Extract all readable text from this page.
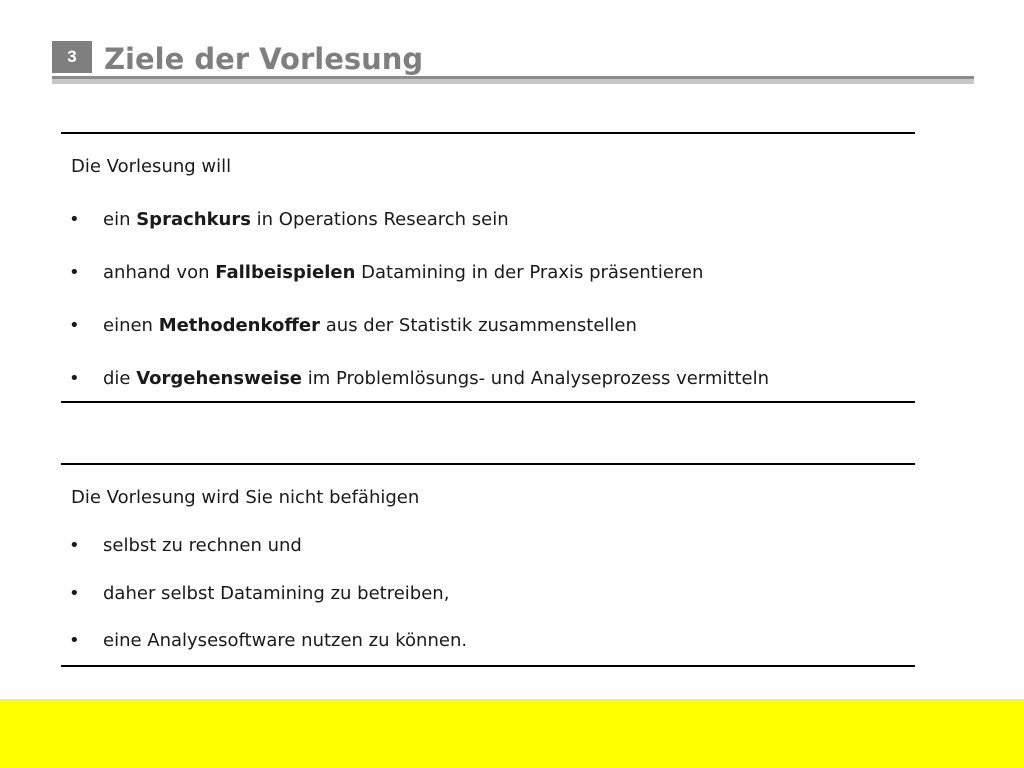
3 Ziele der Vorlesung

Die Vorlesung will

•	ein Sprachkurs in Operations Research sein
•	anhand von Fallbeispielen Datamining in der Praxis präsentieren
•	einen Methodenkoffer aus der Statistik zusammenstellen
•	die Vorgehensweise im Problemlösungs- und Analyseprozess vermitteln

Die Vorlesung wird Sie nicht befähigen

•	selbst zu rechnen und
•	daher selbst Datamining zu betreiben,
•	eine Analysesoftware nutzen zu können.
